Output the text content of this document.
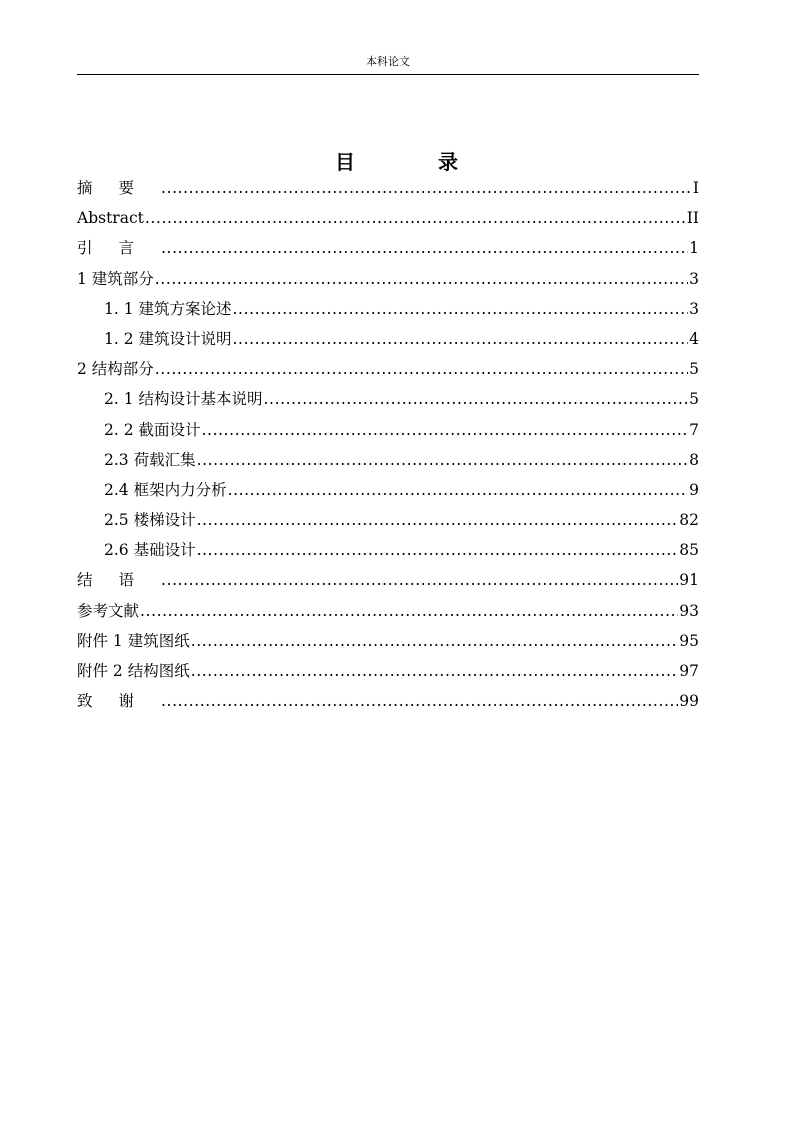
本科论文
目 录
摘要 .....	I
Abstract .....	II
引言 .....	1
1 建筑部分 .....	3
1. 1 建筑方案论述 .....	3
1. 2 建筑设计说明 .....	4
2 结构部分 .....	5
2. 1 结构设计基本说明 .....	5
2. 2 截面设计 .....	7
2.3 荷载汇集 .....	8
2.4 框架内力分析 .....	9
2.5 楼梯设计 .....	82
2.6 基础设计 .....	85
结语 .....	91
参考文献 .....	93
附件 1 建筑图纸 .....	95
附件 2 结构图纸 .....	97
致谢 .....	99
